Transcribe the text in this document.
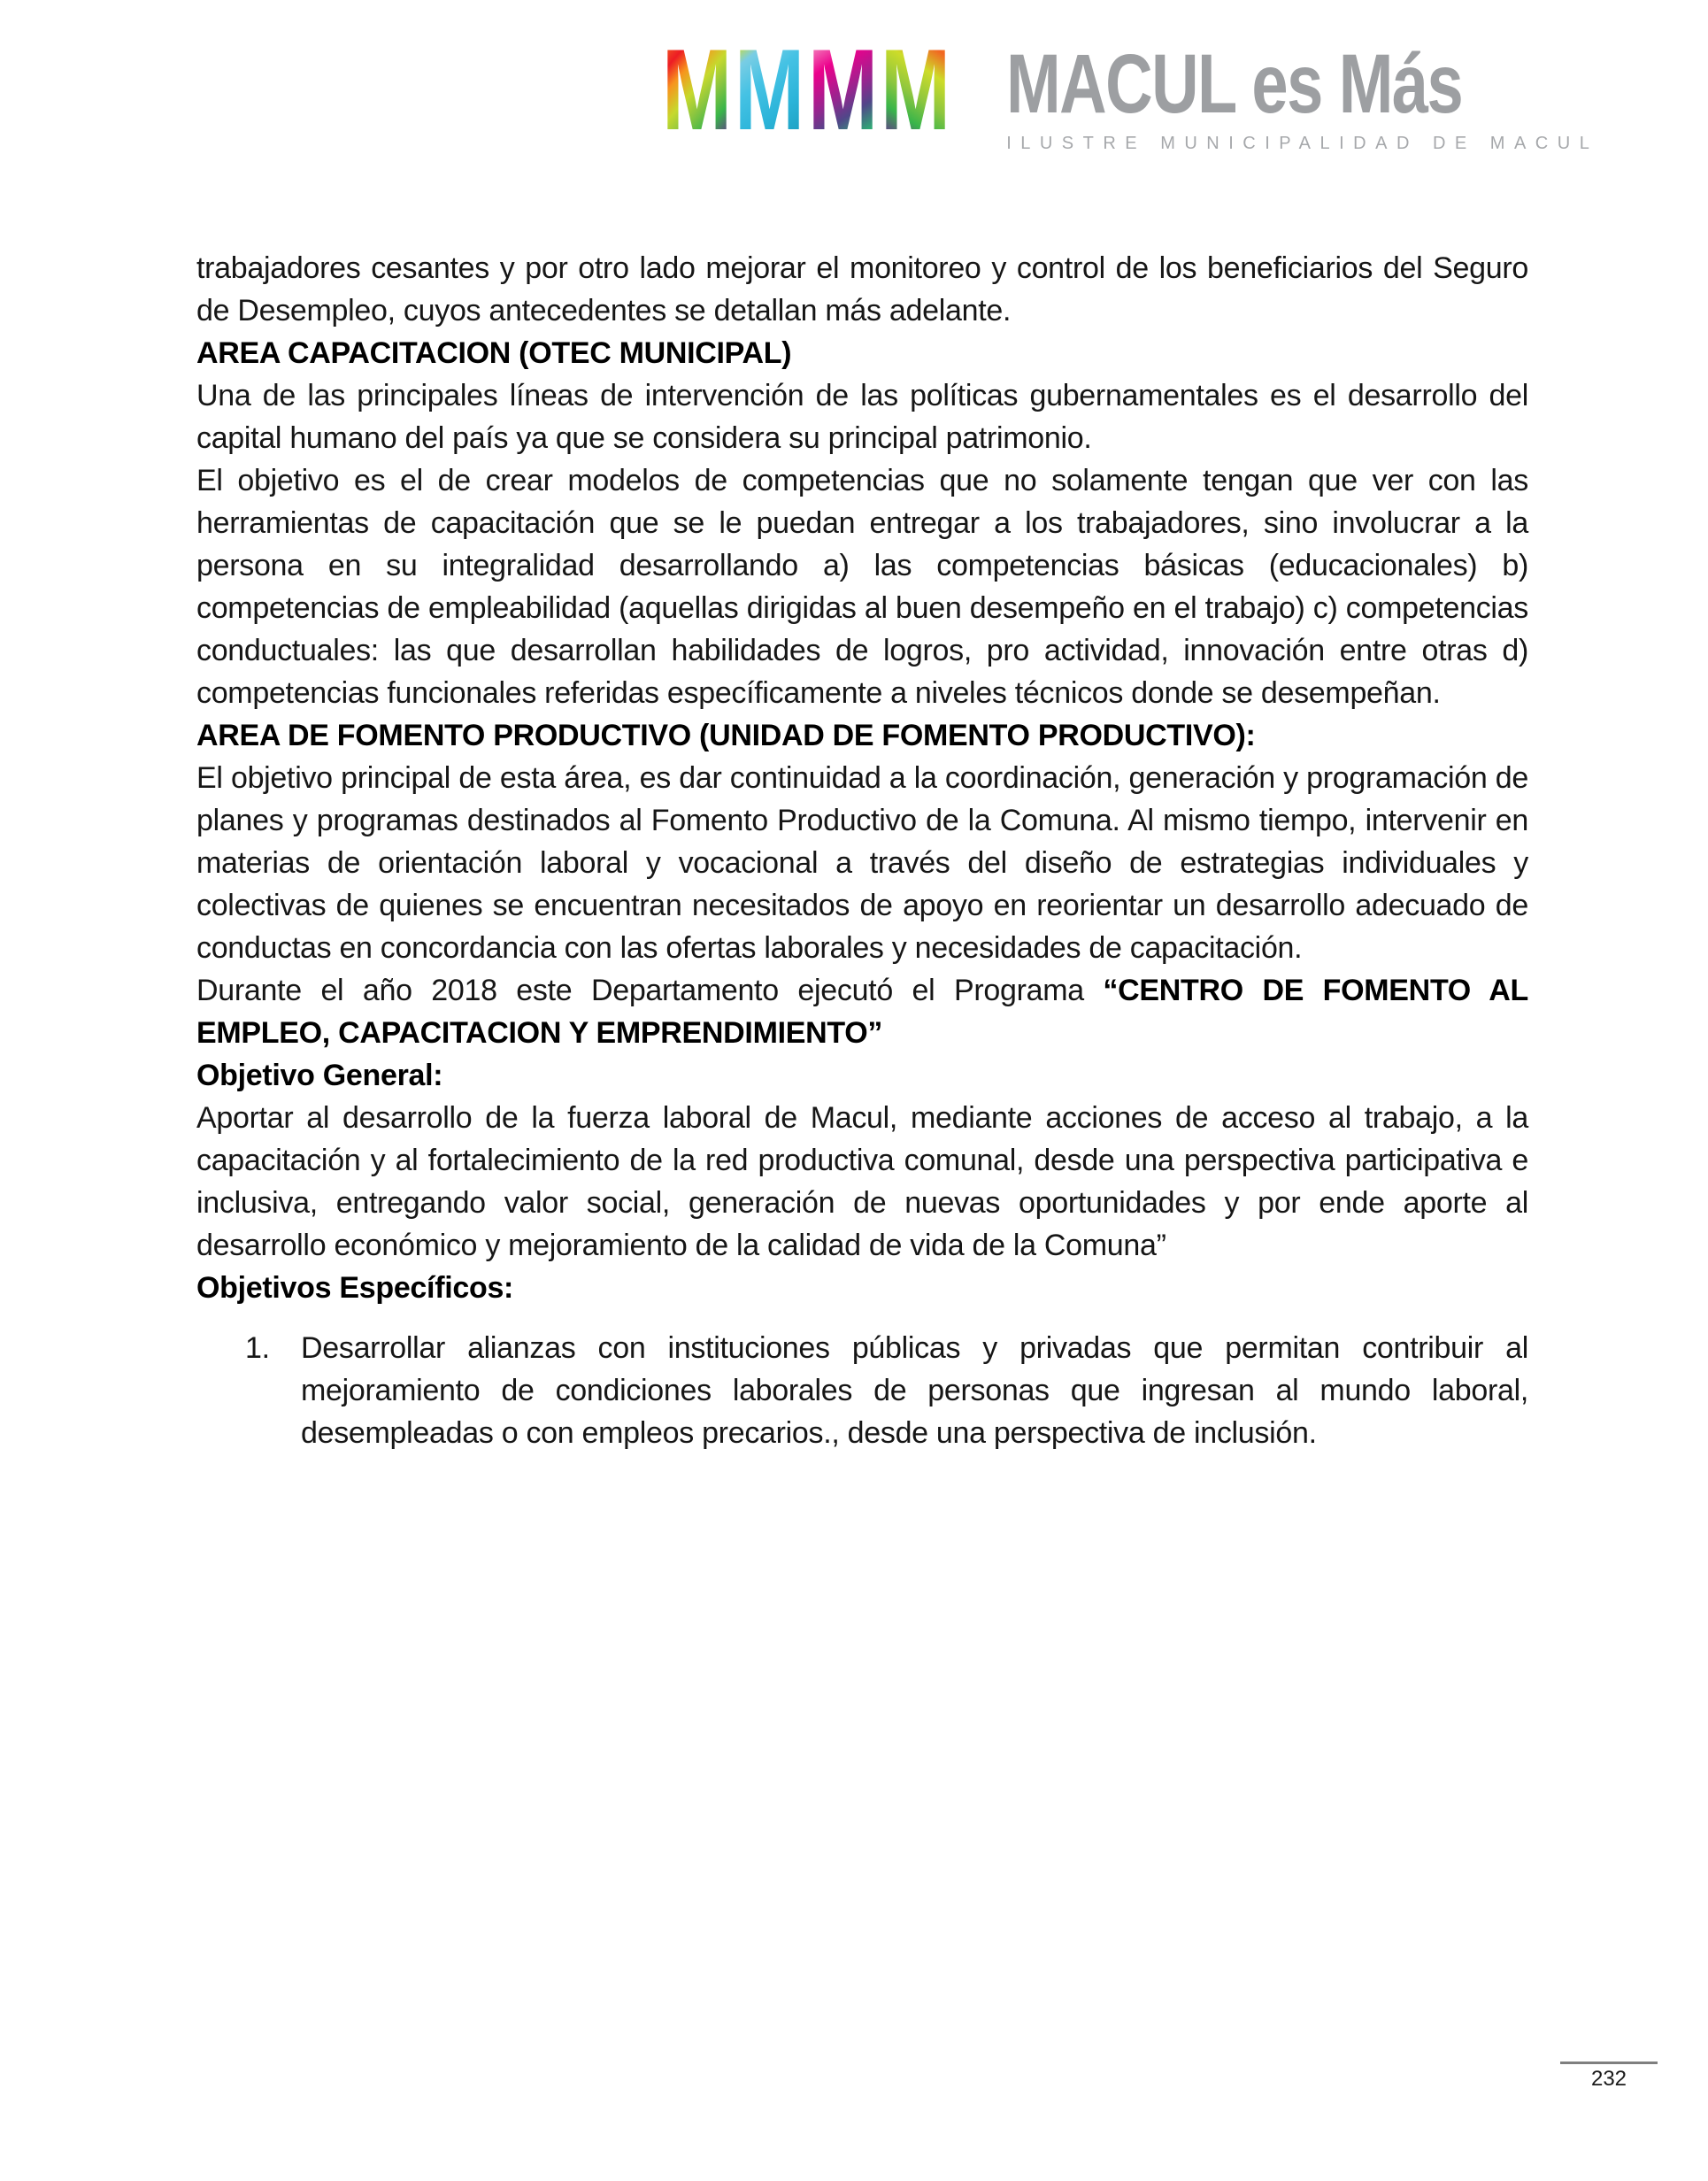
M M M M MACUL es Más
ILUSTRE MUNICIPALIDAD DE MACUL

trabajadores cesantes y por otro lado mejorar el monitoreo y control de los beneficiarios del Seguro de Desempleo, cuyos antecedentes se detallan más adelante.

AREA CAPACITACION (OTEC MUNICIPAL)

Una de las principales líneas de intervención de las políticas gubernamentales es el desarrollo del capital humano del país ya que se considera su principal patrimonio.

El objetivo es el de crear modelos de competencias que no solamente tengan que ver con las herramientas de capacitación que se le puedan entregar a los trabajadores, sino involucrar a la persona en su integralidad desarrollando a) las competencias básicas (educacionales) b) competencias de empleabilidad (aquellas dirigidas al buen desempeño en el trabajo) c) competencias conductuales: las que desarrollan habilidades de logros, pro actividad, innovación entre otras d) competencias funcionales referidas específicamente a niveles técnicos donde se desempeñan.

AREA DE FOMENTO PRODUCTIVO (UNIDAD DE FOMENTO PRODUCTIVO):

El objetivo principal de esta área, es dar continuidad a la coordinación, generación y programación de planes y programas destinados al Fomento Productivo de la Comuna. Al mismo tiempo, intervenir en materias de orientación laboral y vocacional a través del diseño de estrategias individuales y colectivas de quienes se encuentran necesitados de apoyo en reorientar un desarrollo adecuado de conductas en concordancia con las ofertas laborales y necesidades de capacitación.

Durante el año 2018 este Departamento ejecutó el Programa “CENTRO DE FOMENTO AL EMPLEO, CAPACITACION Y EMPRENDIMIENTO”

Objetivo General:

Aportar al desarrollo de la fuerza laboral de Macul, mediante acciones de acceso al trabajo, a la capacitación y al fortalecimiento de la red productiva comunal, desde una perspectiva participativa e inclusiva, entregando valor social, generación de nuevas oportunidades y por ende aporte al desarrollo económico y mejoramiento de la calidad de vida de la Comuna”

Objetivos Específicos:
1.	Desarrollar alianzas con instituciones públicas y privadas que permitan contribuir al mejoramiento de condiciones laborales de personas que ingresan al mundo laboral, desempleadas o con empleos precarios., desde una perspectiva de inclusión.
232
